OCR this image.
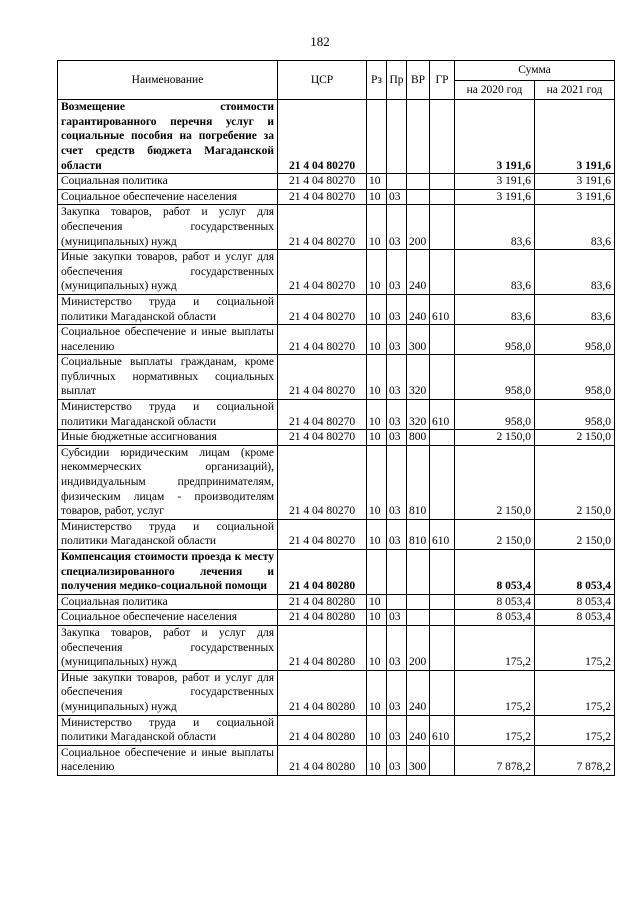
182
Наименование	ЦСР	Рз	Пр	ВР	ГР	Сумма	
						на 2020 год	на 2021 год
Возмещение стоимости гарантированного перечня услуг и социальные пособия на погребение за счет средств бюджета Магаданской области	21 4 04 80270					3 191,6	3 191,6
Социальная политика	21 4 04 80270	10				3 191,6	3 191,6
Социальное обеспечение населения	21 4 04 80270	10	03			3 191,6	3 191,6
Закупка товаров, работ и услуг для обеспечения государственных (муниципальных) нужд	21 4 04 80270	10	03	200		83,6	83,6
Иные закупки товаров, работ и услуг для обеспечения государственных (муниципальных) нужд	21 4 04 80270	10	03	240		83,6	83,6
Министерство труда и социальной политики Магаданской области	21 4 04 80270	10	03	240	610	83,6	83,6
Социальное обеспечение и иные выплаты населению	21 4 04 80270	10	03	300		958,0	958,0
Социальные выплаты гражданам, кроме публичных нормативных социальных выплат	21 4 04 80270	10	03	320		958,0	958,0
Министерство труда и социальной политики Магаданской области	21 4 04 80270	10	03	320	610	958,0	958,0
Иные бюджетные ассигнования	21 4 04 80270	10	03	800		2 150,0	2 150,0
Субсидии юридическим лицам (кроме некоммерческих организаций), индивидуальным предпринимателям, физическим лицам - производителям товаров, работ, услуг	21 4 04 80270	10	03	810		2 150,0	2 150,0
Министерство труда и социальной политики Магаданской области	21 4 04 80270	10	03	810	610	2 150,0	2 150,0
Компенсация стоимости проезда к месту специализированного лечения и получения медико-социальной помощи	21 4 04 80280					8 053,4	8 053,4
Социальная политика	21 4 04 80280	10				8 053,4	8 053,4
Социальное обеспечение населения	21 4 04 80280	10	03			8 053,4	8 053,4
Закупка товаров, работ и услуг для обеспечения государственных (муниципальных) нужд	21 4 04 80280	10	03	200		175,2	175,2
Иные закупки товаров, работ и услуг для обеспечения государственных (муниципальных) нужд	21 4 04 80280	10	03	240		175,2	175,2
Министерство труда и социальной политики Магаданской области	21 4 04 80280	10	03	240	610	175,2	175,2
Социальное обеспечение и иные выплаты населению	21 4 04 80280	10	03	300		7 878,2	7 878,2
